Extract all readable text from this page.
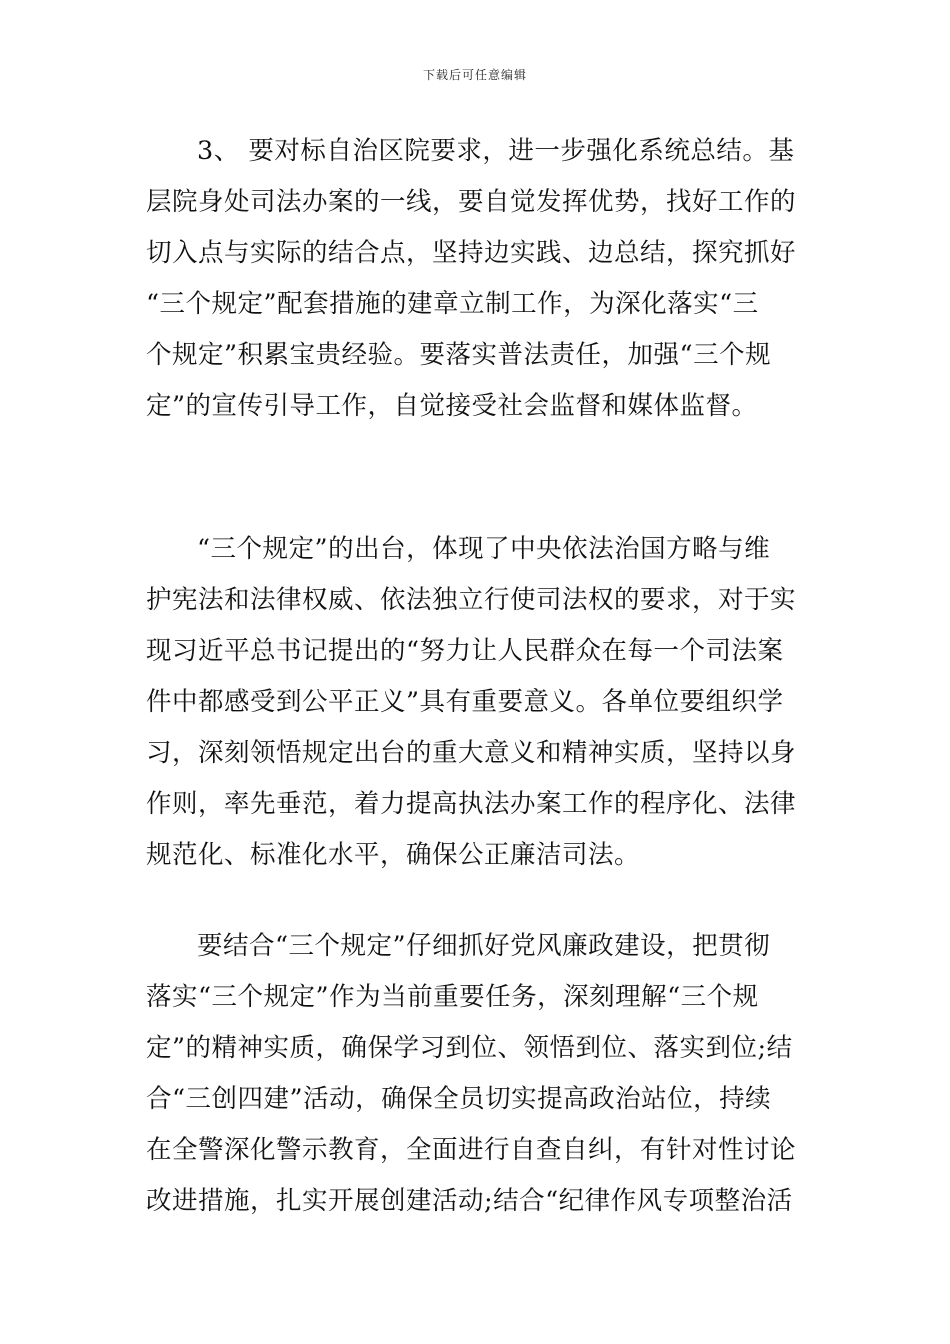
下载后可任意编辑
3、 要对标自治区院要求，进一步强化系统总结。基
层院身处司法办案的一线，要自觉发挥优势，找好工作的
切入点与实际的结合点，坚持边实践、边总结，探究抓好
“三个规定”配套措施的建章立制工作，为深化落实“三
个规定”积累宝贵经验。要落实普法责任，加强“三个规
定”的宣传引导工作，自觉接受社会监督和媒体监督。
“三个规定”的出台，体现了中央依法治国方略与维
护宪法和法律权威、依法独立行使司法权的要求，对于实
现习近平总书记提出的“努力让人民群众在每一个司法案
件中都感受到公平正义”具有重要意义。各单位要组织学
习，深刻领悟规定出台的重大意义和精神实质，坚持以身
作则，率先垂范，着力提高执法办案工作的程序化、法律
规范化、标准化水平，确保公正廉洁司法。
要结合“三个规定”仔细抓好党风廉政建设，把贯彻
落实“三个规定”作为当前重要任务，深刻理解“三个规
定”的精神实质，确保学习到位、领悟到位、落实到位;结
合“三创四建”活动，确保全员切实提高政治站位，持续
在全警深化警示教育，全面进行自查自纠，有针对性讨论
改进措施，扎实开展创建活动;结合“纪律作风专项整治活
